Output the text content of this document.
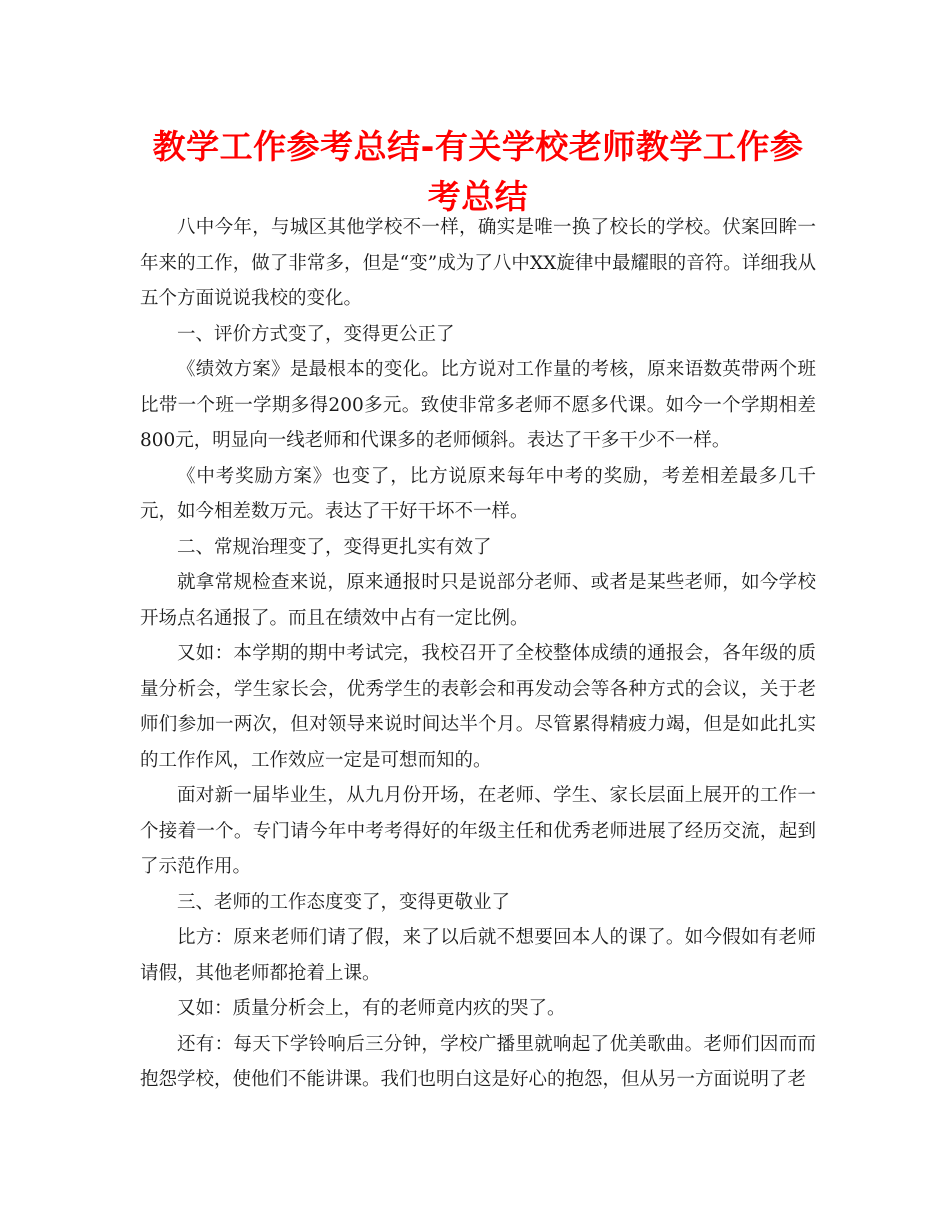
教学工作参考总结-有关学校老师教学工作参考总结

八中今年，与城区其他学校不一样，确实是唯一换了校长的学校。伏案回眸一年来的工作，做了非常多，但是“变”成为了八中XX旋律中最耀眼的音符。详细我从五个方面说说我校的变化。

一、评价方式变了，变得更公正了

《绩效方案》是最根本的变化。比方说对工作量的考核，原来语数英带两个班比带一个班一学期多得200多元。致使非常多老师不愿多代课。如今一个学期相差800元，明显向一线老师和代课多的老师倾斜。表达了干多干少不一样。

《中考奖励方案》也变了，比方说原来每年中考的奖励，考差相差最多几千元，如今相差数万元。表达了干好干坏不一样。

二、常规治理变了，变得更扎实有效了

就拿常规检查来说，原来通报时只是说部分老师、或者是某些老师，如今学校开场点名通报了。而且在绩效中占有一定比例。

又如：本学期的期中考试完，我校召开了全校整体成绩的通报会，各年级的质量分析会，学生家长会，优秀学生的表彰会和再发动会等各种方式的会议，关于老师们参加一两次，但对领导来说时间达半个月。尽管累得精疲力竭，但是如此扎实的工作作风，工作效应一定是可想而知的。

面对新一届毕业生，从九月份开场，在老师、学生、家长层面上展开的工作一个接着一个。专门请今年中考考得好的年级主任和优秀老师进展了经历交流，起到了示范作用。

三、老师的工作态度变了，变得更敬业了

比方：原来老师们请了假，来了以后就不想要回本人的课了。如今假如有老师请假，其他老师都抢着上课。

又如：质量分析会上，有的老师竟内疚的哭了。

还有：每天下学铃响后三分钟，学校广播里就响起了优美歌曲。老师们因而而抱怨学校，使他们不能讲课。我们也明白这是好心的抱怨，但从另一方面说明了老
